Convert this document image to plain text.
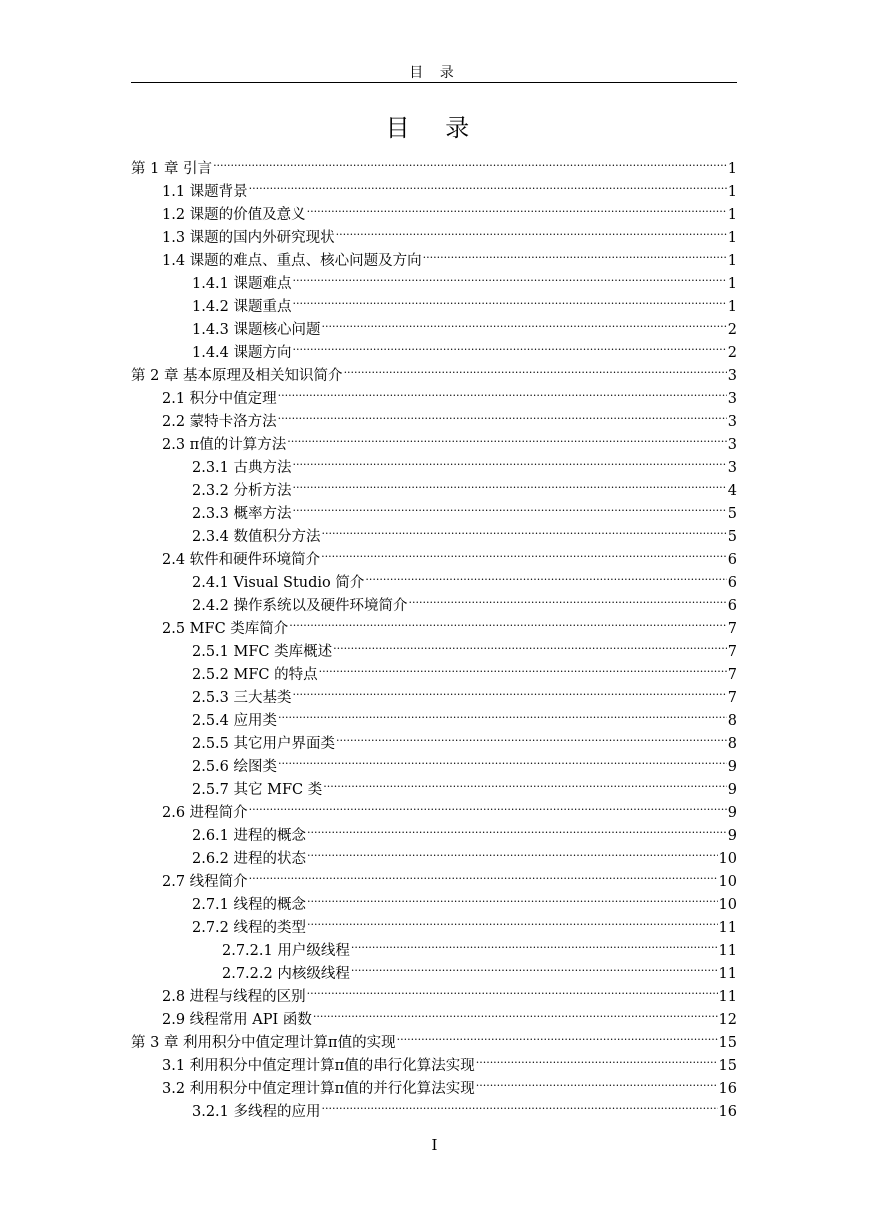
目 录
目 录
第 1 章 引言 .....	1
1.1 课题背景 .....	1
1.2 课题的价值及意义 .....	1
1.3 课题的国内外研究现状 .....	1
1.4 课题的难点、重点、核心问题及方向 .....	1
1.4.1 课题难点 .....	1
1.4.2 课题重点 .....	1
1.4.3 课题核心问题 .....	2
1.4.4 课题方向 .....	2
第 2 章 基本原理及相关知识简介 .....	3
2.1 积分中值定理 .....	3
2.2 蒙特卡洛方法 .....	3
2.3 π值的计算方法 .....	3
2.3.1 古典方法 .....	3
2.3.2 分析方法 .....	4
2.3.3 概率方法 .....	5
2.3.4 数值积分方法 .....	5
2.4 软件和硬件环境简介 .....	6
2.4.1 Visual Studio 简介 .....	6
2.4.2 操作系统以及硬件环境简介 .....	6
2.5 MFC 类库简介 .....	7
2.5.1 MFC 类库概述 .....	7
2.5.2 MFC 的特点 .....	7
2.5.3 三大基类 .....	7
2.5.4 应用类 .....	8
2.5.5 其它用户界面类 .....	8
2.5.6 绘图类 .....	9
2.5.7 其它 MFC 类 .....	9
2.6 进程简介 .....	9
2.6.1 进程的概念 .....	9
2.6.2 进程的状态 .....	10
2.7 线程简介 .....	10
2.7.1 线程的概念 .....	10
2.7.2 线程的类型 .....	11
2.7.2.1 用户级线程 .....	11
2.7.2.2 内核级线程 .....	11
2.8 进程与线程的区别 .....	11
2.9 线程常用 API 函数 .....	12
第 3 章 利用积分中值定理计算π值的实现 .....	15
3.1 利用积分中值定理计算π值的串行化算法实现 .....	15
3.2 利用积分中值定理计算π值的并行化算法实现 .....	16
3.2.1 多线程的应用 .....	16
I
